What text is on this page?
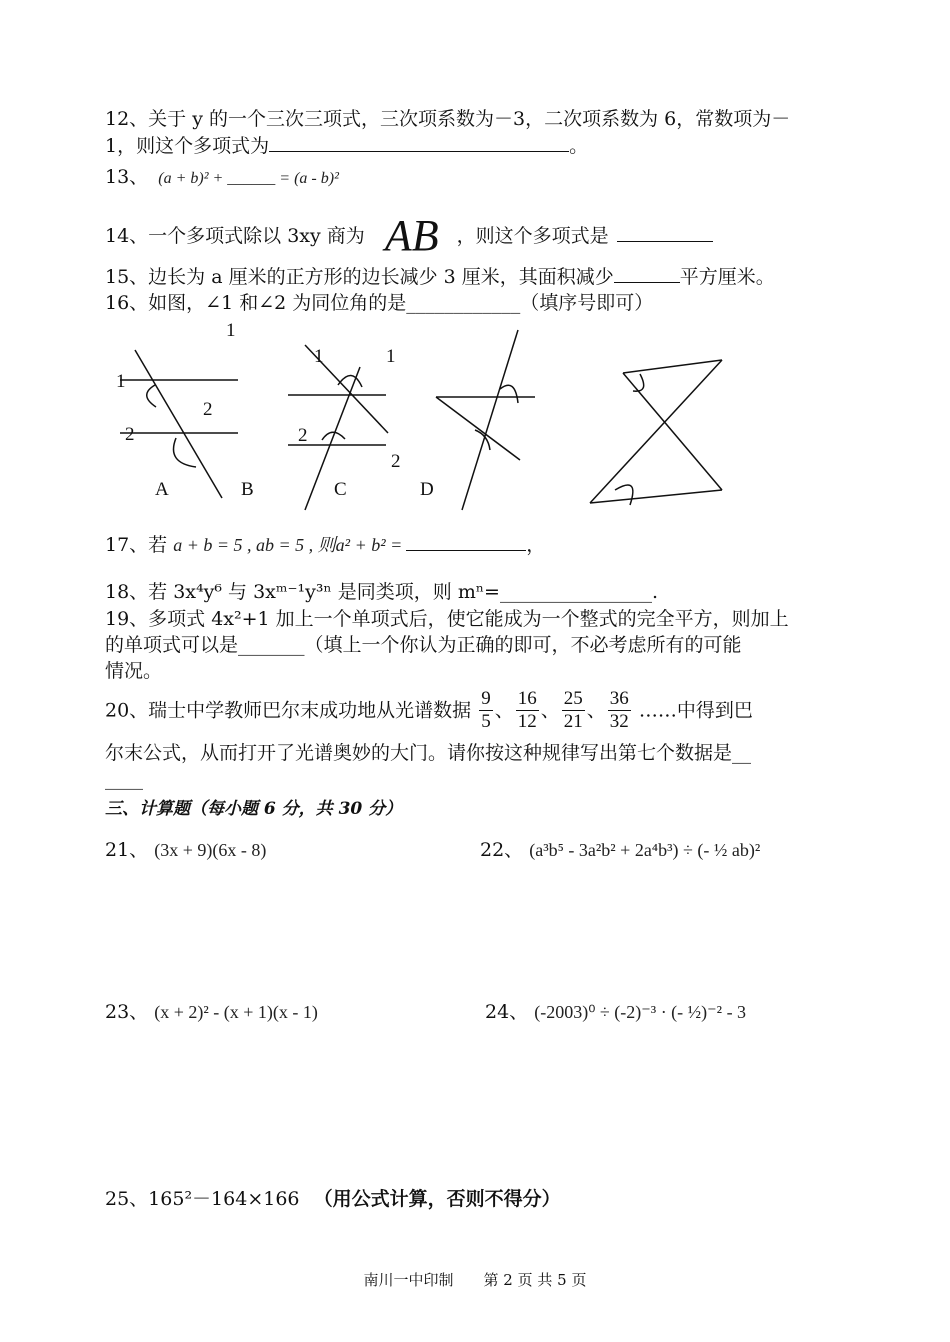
12、关于 y 的一个三次三项式，三次项系数为－3，二次项系数为 6，常数项为－
1，则这个多项式为	。
13、 (a + b)² + ______ = (a - b)²
14、一个多项式除以 3xy 商为 AB ，则这个多项式是
15、边长为 a 厘米的正方形的边长减少 3 厘米，其面积减少	平方厘米。
16、如图，∠1 和∠2 为同位角的是____________（填序号即可）
1
1
2
2
A	B
1	1
2
2
C	D
17、若 a + b = 5 , ab = 5 , 则a² + b² =	，
18、若 3x⁴y⁶ 与 3xᵐ⁻¹y³ⁿ 是同类项，则 mⁿ=________________.
19、多项式 4x²+1 加上一个单项式后，使它能成为一个整式的完全平方，则加上
的单项式可以是_______（填上一个你认为正确的即可，不必考虑所有的可能
情况。
20、瑞士中学教师巴尔末成功地从光谱数据 $\frac{9}{5}$ 、 $\frac{16}{12}$ 、 $\frac{25}{21}$ 、 $\frac{36}{32}$ ……中得到巴
尔末公式，从而打开了光谱奥妙的大门。请你按这种规律写出第七个数据是__
____
三、计算题（每小题 6 分，共 30 分）
21、 (3x + 9)(6x - 8)	22、 (a³b⁵ - 3a²b² + 2a⁴b³) ÷ (- ½ ab)²
23、 (x + 2)² - (x + 1)(x - 1)	24、 (-2003)⁰ ÷ (-2)⁻³ · (- ½)⁻² - 3
25、165²－164×166 （用公式计算，否则不得分）
南川一中印制　　第 2 页 共 5 页
